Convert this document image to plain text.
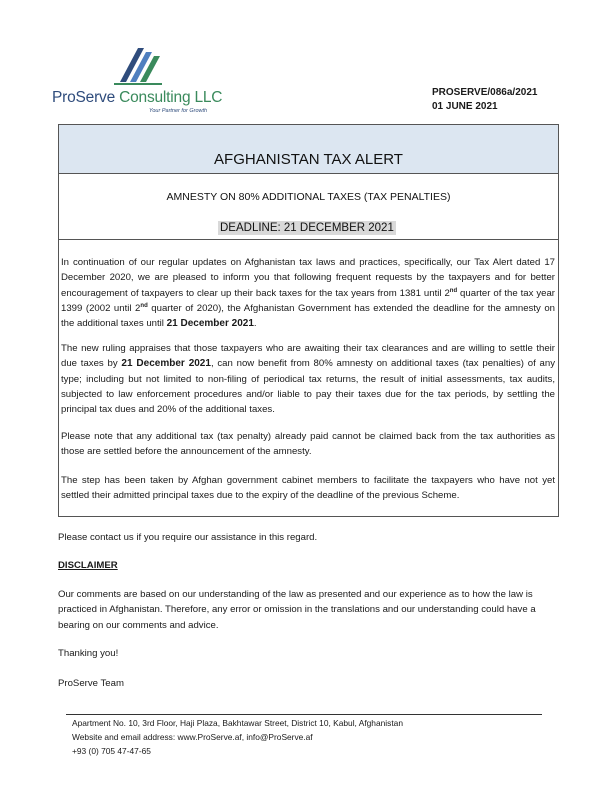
ProServe Consulting LLC
Your Partner for Growth
PROSERVE/086a/2021
01 JUNE 2021
AFGHANISTAN TAX ALERT
AMNESTY ON 80% ADDITIONAL TAXES (TAX PENALTIES)
DEADLINE: 21 DECEMBER 2021

In continuation of our regular updates on Afghanistan tax laws and practices, specifically, our Tax Alert dated 17 December 2020, we are pleased to inform you that following frequent requests by the taxpayers and for better encouragement of taxpayers to clear up their back taxes for the tax years from 1381 until 2nd quarter of the tax year 1399 (2002 until 2nd quarter of 2020), the Afghanistan Government has extended the deadline for the amnesty on the additional taxes until 21 December 2021.

The new ruling appraises that those taxpayers who are awaiting their tax clearances and are willing to settle their due taxes by 21 December 2021, can now benefit from 80% amnesty on additional taxes (tax penalties) of any type; including but not limited to non-filing of periodical tax returns, the result of initial assessments, tax audits, subjected to law enforcement procedures and/or liable to pay their taxes due for the tax periods, by settling the principal tax dues and 20% of the additional taxes.

Please note that any additional tax (tax penalty) already paid cannot be claimed back from the tax authorities as those are settled before the announcement of the amnesty.

The step has been taken by Afghan government cabinet members to facilitate the taxpayers who have not yet settled their admitted principal taxes due to the expiry of the deadline of the previous Scheme.

Please contact us if you require our assistance in this regard.
DISCLAIMER
Our comments are based on our understanding of the law as presented and our experience as to how the law is practiced in Afghanistan. Therefore, any error or omission in the translations and our understanding could have a bearing on our comments and advice.
Thanking you!
ProServe Team
Apartment No. 10, 3rd Floor, Haji Plaza, Bakhtawar Street, District 10, Kabul, Afghanistan
Website and email address: www.ProServe.af, info@ProServe.af
+93 (0) 705 47-47-65
